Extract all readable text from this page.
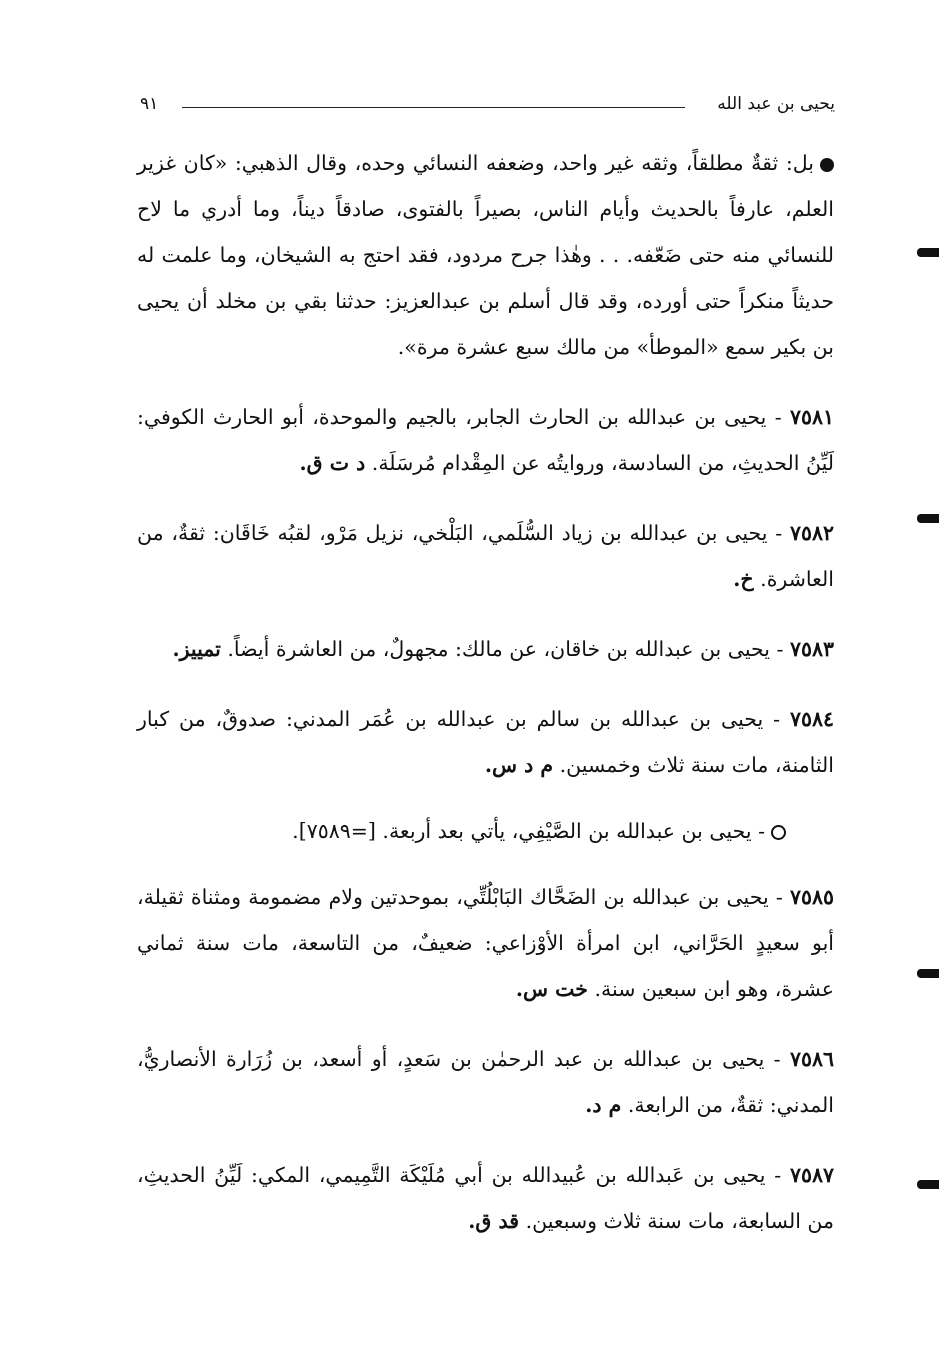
يحيى بن عبد الله
٩١

بل: ثقةٌ مطلقاً، وثقه غير واحد، وضعفه النسائي وحده، وقال الذهبي: «كان غزير العلم، عارفاً بالحديث وأيام الناس، بصيراً بالفتوى، صادقاً ديناً، وما أدري ما لاح للنسائي منه حتى ضَعّفه. . . وهٰذا جرح مردود، فقد احتج به الشيخان، وما علمت له حديثاً منكراً حتى أورده، وقد قال أسلم بن عبدالعزيز: حدثنا بقي بن مخلد أن يحيى بن بكير سمع «الموطأ» من مالك سبع عشرة مرة».

٧٥٨١ - يحيى بن عبدالله بن الحارث الجابر، بالجيم والموحدة، أبو الحارث الكوفي: لَيِّنُ الحديثِ، من السادسة، وروايتُه عن المِقْدام مُرسَلَة. د ت ق.

٧٥٨٢ - يحيى بن عبدالله بن زياد السُّلَمي، البَلْخي، نزيل مَرْو، لقبُه خَاقَان: ثقةٌ، من العاشرة. خ.

٧٥٨٣ - يحيى بن عبدالله بن خاقان، عن مالك: مجهولٌ، من العاشرة أيضاً. تمييز.

٧٥٨٤ - يحيى بن عبدالله بن سالم بن عبدالله بن عُمَر المدني: صدوقٌ، من كبار الثامنة، مات سنة ثلاث وخمسين. م د س.

- يحيى بن عبدالله بن الصَّيْفِي، يأتي بعد أربعة. [=٧٥٨٩].

٧٥٨٥ - يحيى بن عبدالله بن الضَحَّاك البَابْلُتِّي، بموحدتين ولام مضمومة ومثناة ثقيلة، أبو سعيدٍ الحَرَّاني، ابن امرأة الأوْزاعي: ضعيفٌ، من التاسعة، مات سنة ثماني عشرة، وهو ابن سبعين سنة. خت س.

٧٥٨٦ - يحيى بن عبدالله بن عبد الرحمٰن بن سَعدٍ، أو أسعد، بن زُرَارة الأنصاريُّ، المدني: ثقةٌ، من الرابعة. م د.

٧٥٨٧ - يحيى بن عَبدالله بن عُبيدالله بن أبي مُلَيْكَة التَّمِيمي، المكي: لَيِّنُ الحديثِ، من السابعة، مات سنة ثلاث وسبعين. قد ق.
